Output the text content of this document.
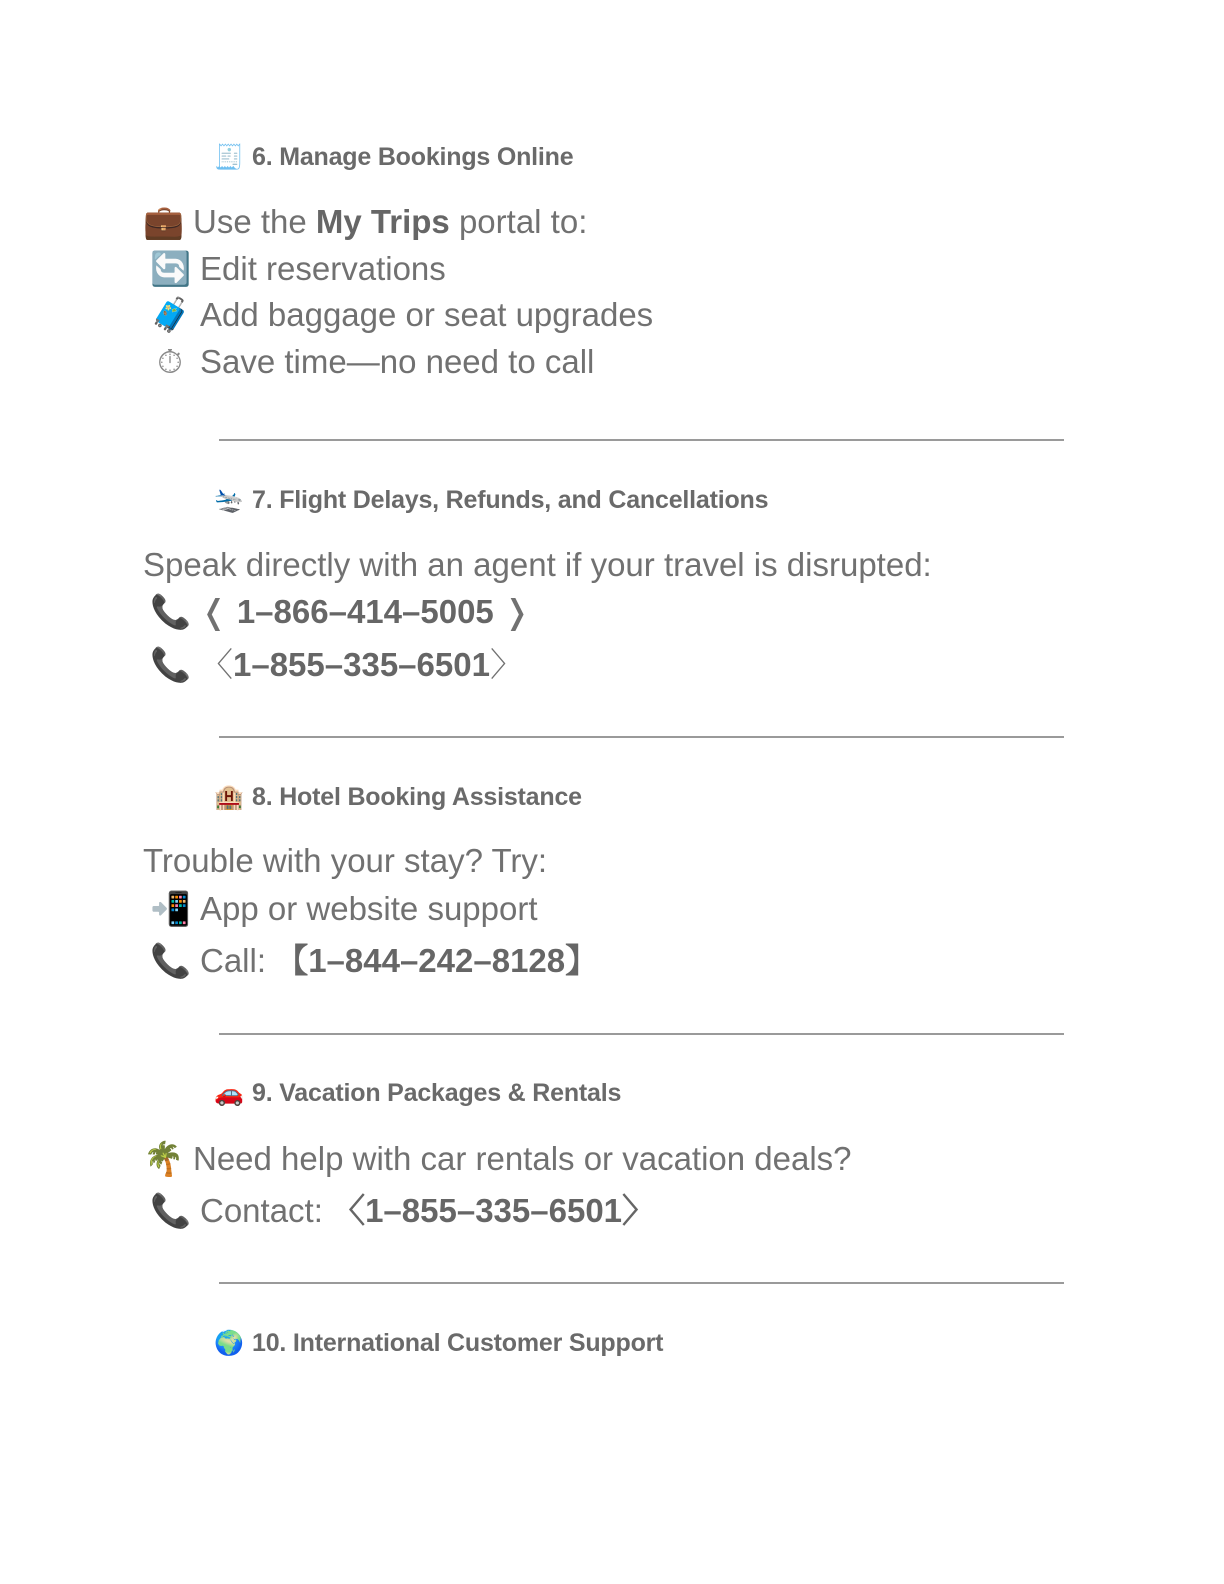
🧾 6. Manage Bookings Online
💼 Use the My Trips portal to:
🔄 Edit reservations
🧳 Add baggage or seat upgrades
⏱ Save time—no need to call
🛬 7. Flight Delays, Refunds, and Cancellations
Speak directly with an agent if your travel is disrupted:
📞 ❬ 1–866–414–5005 ❭
📞 〈1–855–335–6501〉
🏨 8. Hotel Booking Assistance
Trouble with your stay? Try:
📲 App or website support
📞 Call: 【1–844–242–8128】
🚗 9. Vacation Packages & Rentals
🌴 Need help with car rentals or vacation deals?
📞 Contact: 〈1–855–335–6501〉
🌍 10. International Customer Support
